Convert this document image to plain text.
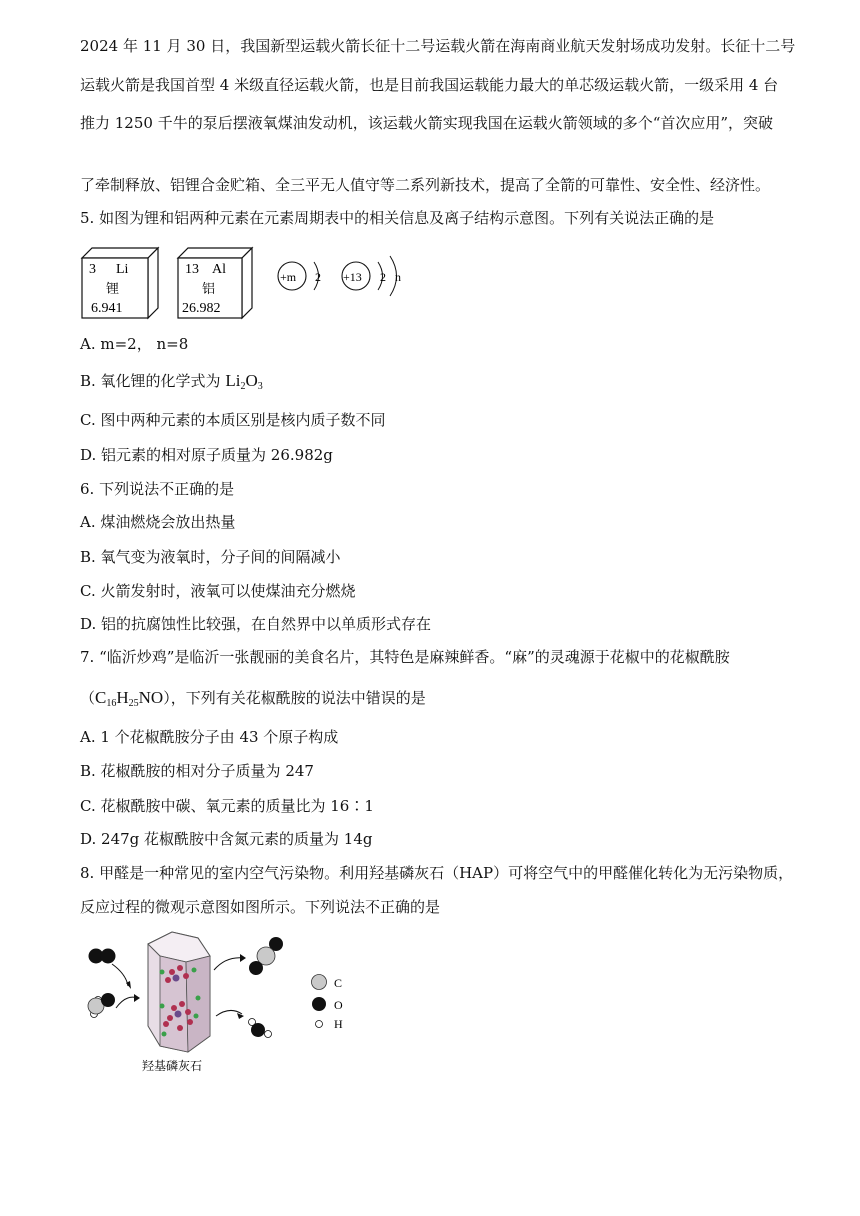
2024 年 11 月 30 日，我国新型运载火箭长征十二号运载火箭在海南商业航天发射场成功发射。长征十二号
运载火箭是我国首型 4 米级直径运载火箭，也是目前我国运载能力最大的单芯级运载火箭，一级采用 4 台
推力 1250 千牛的泵后摆液氧煤油发动机，该运载火箭实现我国在运载火箭领域的多个“首次应用”，突破
了牵制释放、铝锂合金贮箱、全三平无人值守等二系列新技术，提高了全箭的可靠性、安全性、经济性。
5. 如图为锂和铝两种元素在元素周期表中的相关信息及离子结构示意图。下列有关说法正确的是
3 Li
锂
6.941
13 Al
铝
26.982
+m 2 +13 2 n
A. m=2， n=8
B. 氧化锂的化学式为 $Li_2O_3$
C. 图中两种元素的本质区别是核内质子数不同
D. 铝元素的相对原子质量为 26.982g
6. 下列说法不正确的是
A. 煤油燃烧会放出热量
B. 氧气变为液氧时，分子间的间隔减小
C. 火箭发射时，液氧可以使煤油充分燃烧
D. 铝的抗腐蚀性比较强，在自然界中以单质形式存在
7. “临沂炒鸡”是临沂一张靓丽的美食名片，其特色是麻辣鲜香。“麻”的灵魂源于花椒中的花椒酰胺
$(C_{16}H_{25}NO)$，下列有关花椒酰胺的说法中错误的是
A. 1 个花椒酰胺分子由 43 个原子构成
B. 花椒酰胺的相对分子质量为 247
C. 花椒酰胺中碳、氧元素的质量比为 16∶1
D. 247g 花椒酰胺中含氮元素的质量为 14g
8. 甲醛是一种常见的室内空气污染物。利用羟基磷灰石（HAP）可将空气中的甲醛催化转化为无污染物质，
反应过程的微观示意图如图所示。下列说法不正确的是
C
O
H
羟基磷灰石
